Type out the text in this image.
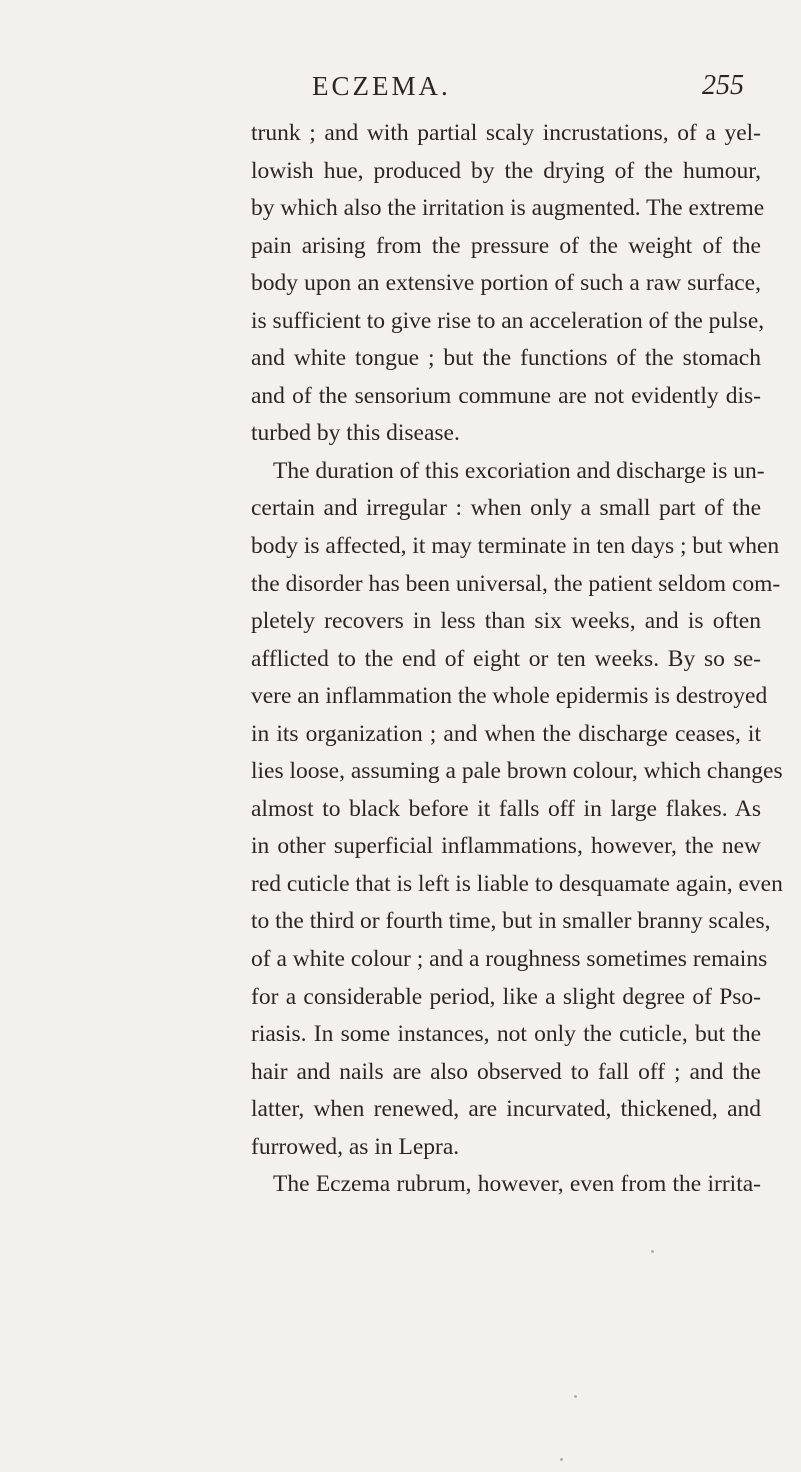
ECZEMA.	255
trunk ; and with partial scaly incrustations, of a yel-
lowish hue, produced by the drying of the humour,
by which also the irritation is augmented. The extreme
pain arising from the pressure of the weight of the
body upon an extensive portion of such a raw surface,
is sufficient to give rise to an acceleration of the pulse,
and white tongue ; but the functions of the stomach
and of the sensorium commune are not evidently dis-
turbed by this disease.
The duration of this excoriation and discharge is un-
certain and irregular : when only a small part of the
body is affected, it may terminate in ten days ; but when
the disorder has been universal, the patient seldom com-
pletely recovers in less than six weeks, and is often
afflicted to the end of eight or ten weeks. By so se-
vere an inflammation the whole epidermis is destroyed
in its organization ; and when the discharge ceases, it
lies loose, assuming a pale brown colour, which changes
almost to black before it falls off in large flakes. As
in other superficial inflammations, however, the new
red cuticle that is left is liable to desquamate again, even
to the third or fourth time, but in smaller branny scales,
of a white colour ; and a roughness sometimes remains
for a considerable period, like a slight degree of Pso-
riasis. In some instances, not only the cuticle, but the
hair and nails are also observed to fall off ; and the
latter, when renewed, are incurvated, thickened, and
furrowed, as in Lepra.
The Eczema rubrum, however, even from the irrita-
